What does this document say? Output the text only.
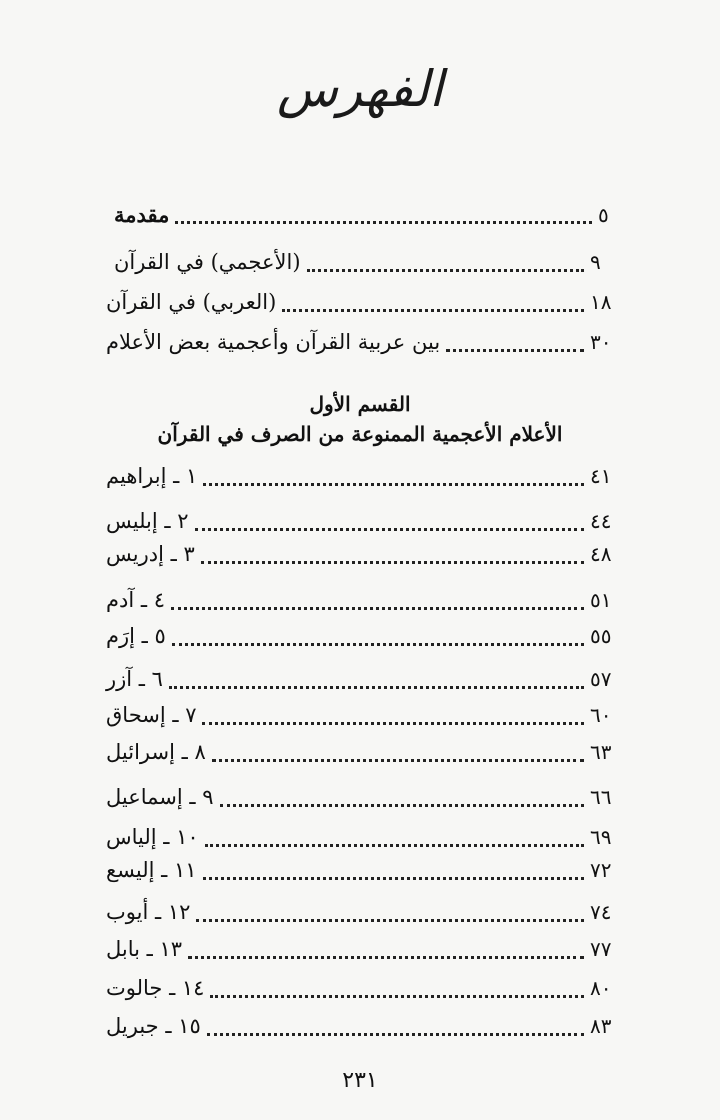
الفهرس
مقدمة	٥
(الأعجمي) في القرآن	٩
(العربي) في القرآن	١٨
بين عربية القرآن وأعجمية بعض الأعلام	٣٠
القسم الأول
الأعلام الأعجمية الممنوعة من الصرف في القرآن
١ ـ إبراهيم	٤١
٢ ـ إبليس	٤٤
٣ ـ إدريس	٤٨
٤ ـ آدم	٥١
٥ ـ إرَم	٥٥
٦ ـ آزر	٥٧
٧ ـ إسحاق	٦٠
٨ ـ إسرائيل	٦٣
٩ ـ إسماعيل	٦٦
١٠ ـ إلياس	٦٩
١١ ـ إليسع	٧٢
١٢ ـ أيوب	٧٤
١٣ ـ بابل	٧٧
١٤ ـ جالوت	٨٠
١٥ ـ جبريل	٨٣
٢٣١
